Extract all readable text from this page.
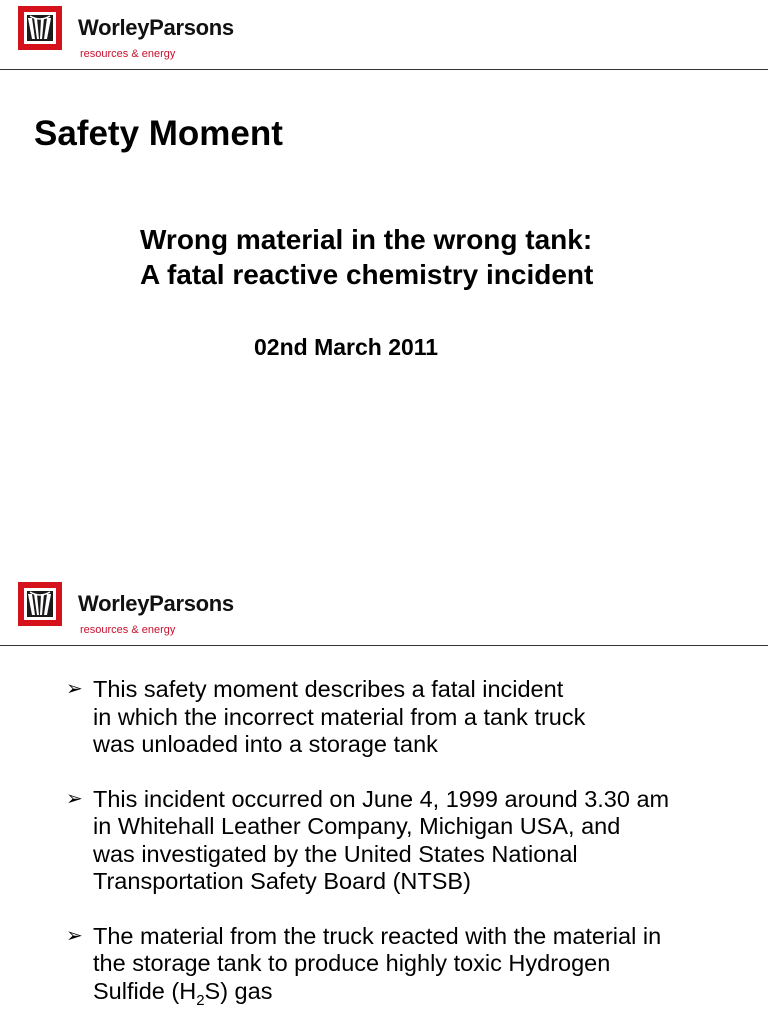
WorleyParsons
resources & energy
Safety Moment
Wrong material in the wrong tank:
A fatal reactive chemistry incident
02nd March 2011
WorleyParsons
resources & energy
➢ This safety moment describes a fatal incident
in which the incorrect material from a tank truck
was unloaded into a storage tank
➢ This incident occurred on June 4, 1999 around 3.30 am
in Whitehall Leather Company, Michigan USA, and
was investigated by the United States National
Transportation Safety Board (NTSB)
➢ The material from the truck reacted with the material in
the storage tank to produce highly toxic Hydrogen
Sulfide $(H_2S)$ gas
